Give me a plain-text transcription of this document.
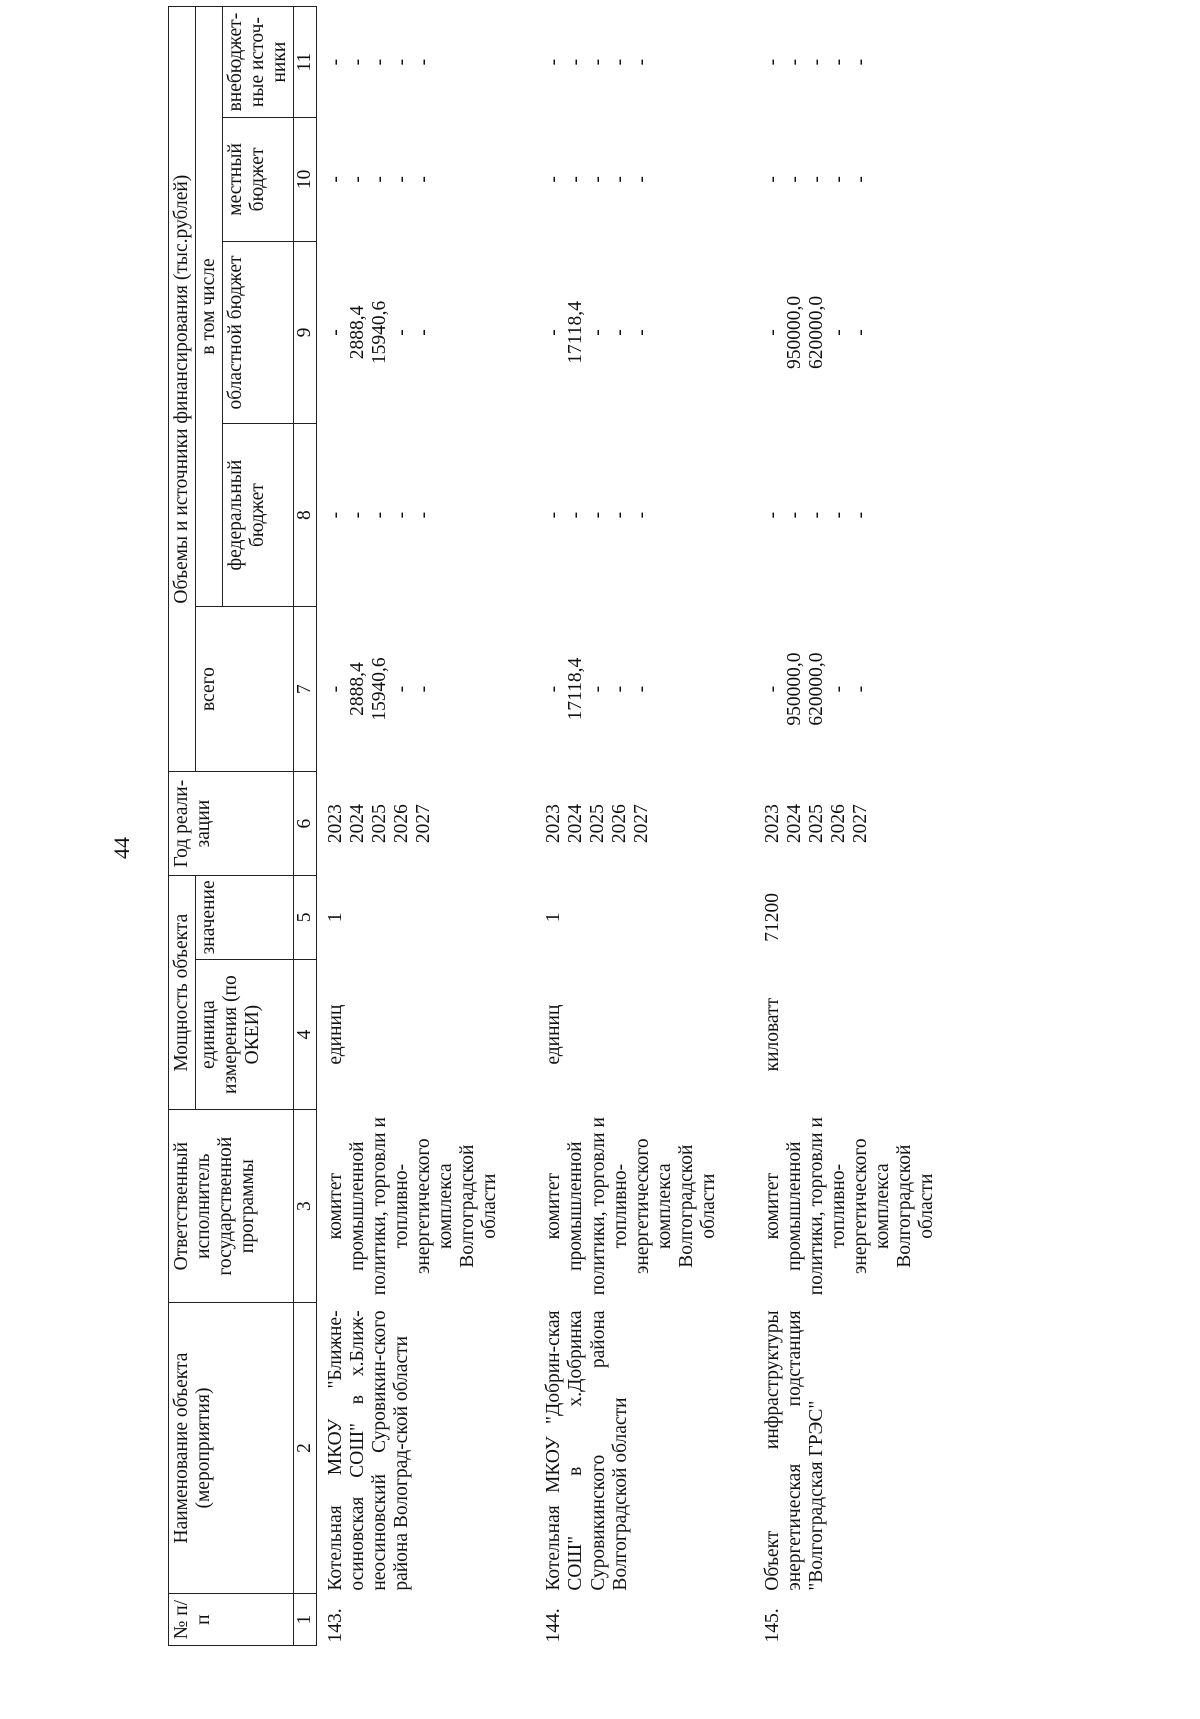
44
№ п/п	Наименование объекта (мероприятия)	Ответственный исполнитель государственной программы	Мощность объекта		Год реали-зации	Объемы и источники финансирования (тыс.рублей)				
			единица измерения (по ОКЕИ)	значение		всего	в том числе			
							федеральный бюджет	областной бюджет	местный бюджет	внебюджет-ные источ-ники
1	2	3	4	5	6	7	8	9	10	11
143.	Котельная МКОУ "Ближне-осиновская СОШ" в х.Ближ-неосиновский Суровикин-ского района Волоград-ской области	комитет промышленной политики, торговли и топливно-энергетического комплекса Волгоградской области	единиц	1	2023 2024 2025 2026 2027	- 2888,4 15940,6 - -	- - - - -	- 2888,4 15940,6 - -	- - - - -	- - - - -

144.	Котельная МКОУ "Добрин-ская СОШ" в х.Добринка Суровикинского района Волгоградской области	комитет промышленной политики, торговли и топливно-энергетического комплекса Волгоградской области	единиц	1	2023 2024 2025 2026 2027	- 17118,4 - - -	- - - - -	- 17118,4 - - -	- - - - -	- - - - -

145.	Объект инфраструктуры энергетическая подстанция "Волгоградская ГРЭС"	комитет промышленной политики, торговли и топливно-энергетического комплекса Волгоградской области	киловатт	71200	2023 2024 2025 2026 2027	- 950000,0 620000,0 - -	- - - - -	- 950000,0 620000,0 - -	- - - - -	- - - - -
